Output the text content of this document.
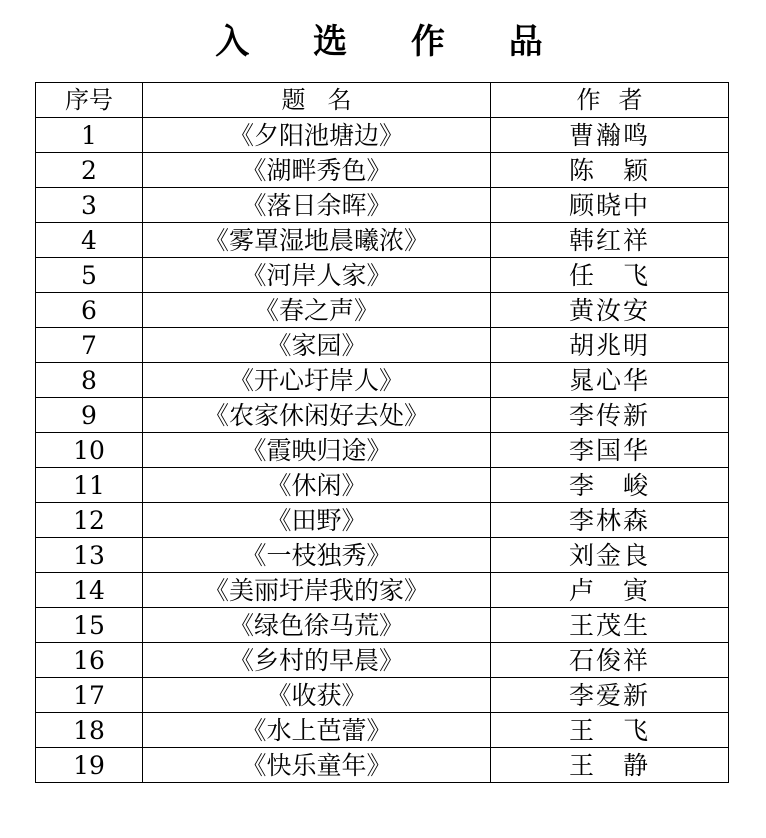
入 选 作 品
序号	题名	作者
1	《夕阳池塘边》	曹瀚鸣
2	《湖畔秀色》	陈　颖
3	《落日余晖》	顾晓中
4	《雾罩湿地晨曦浓》	韩红祥
5	《河岸人家》	任　飞
6	《春之声》	黄汝安
7	《家园》	胡兆明
8	《开心圩岸人》	晁心华
9	《农家休闲好去处》	李传新
10	《霞映归途》	李国华
11	《休闲》	李　峻
12	《田野》	李林森
13	《一枝独秀》	刘金良
14	《美丽圩岸我的家》	卢　寅
15	《绿色徐马荒》	王茂生
16	《乡村的早晨》	石俊祥
17	《收获》	李爱新
18	《水上芭蕾》	王　飞
19	《快乐童年》	王　静
